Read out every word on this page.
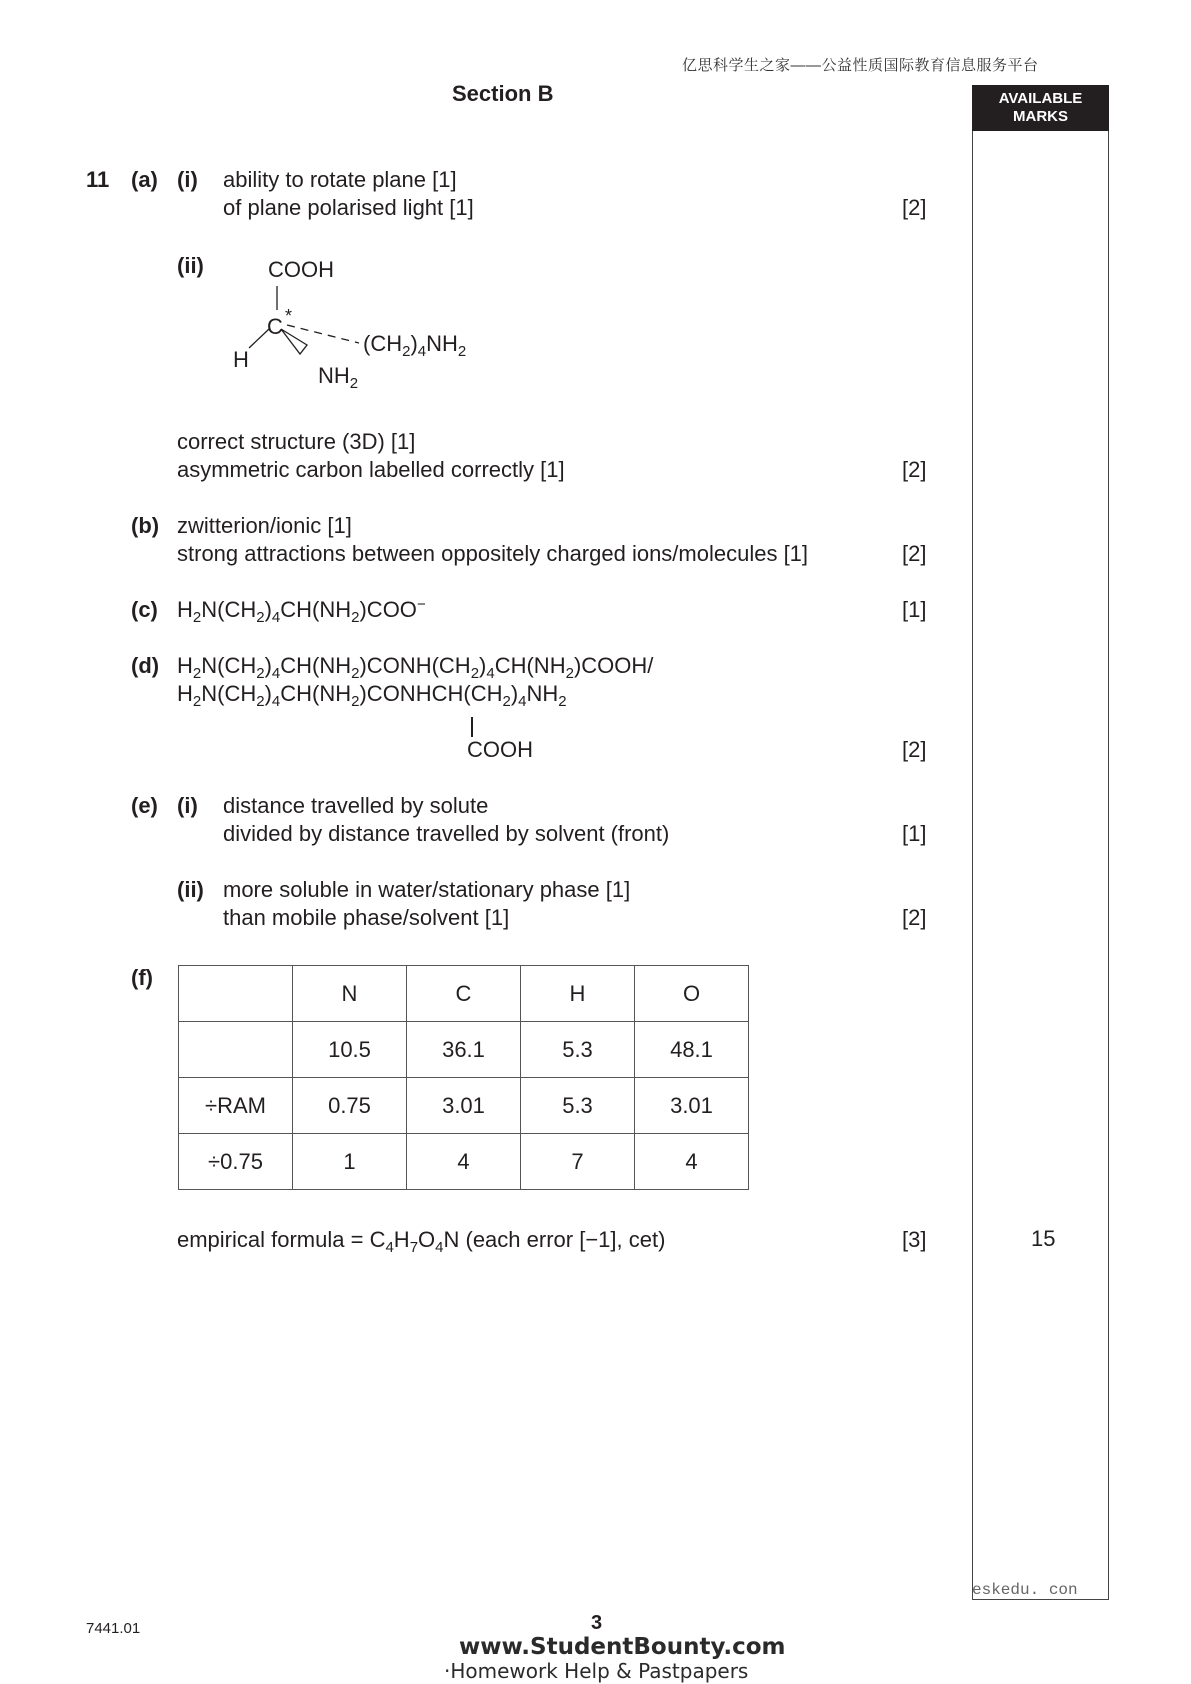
亿思科学生之家——公益性质国际教育信息服务平台
Section B	AVAILABLE
MARKS
15
11 (a) (i) ability to rotate plane [1]
of plane polarised light [1]	[2]
(ii)	COOH
C *
H
$NH_2$
$(CH_2)_4NH_2$
correct structure (3D) [1]
asymmetric carbon labelled correctly [1]	[2]
(b) zwitterion/ionic [1]
strong attractions between oppositely charged ions/molecules [1]	[2]
(c) $H_2N(CH_2)_4CH(NH_2)COO^-$	[1]
(d) $H_2N(CH_2)_4CH(NH_2)CONH(CH_2)_4CH(NH_2)COOH/$
$H_2N(CH_2)_4CH(NH_2)CONHCH(CH_2)_4NH_2$
COOH	[2]
(e) (i) distance travelled by solute
divided by distance travelled by solvent (front)	[1]
(ii) more soluble in water/stationary phase [1]
than mobile phase/solvent [1]	[2]
(f)
	N	C	H	O
	10.5	36.1	5.3	48.1
÷RAM	0.75	3.01	5.3	3.01
÷0.75	1	4	7	4
empirical formula = $C_4H_7O_4N$ (each error [−1], cet)	[3]
eskedu. con
7441.01	3
www.StudentBounty.com
·Homework Help & Pastpapers
